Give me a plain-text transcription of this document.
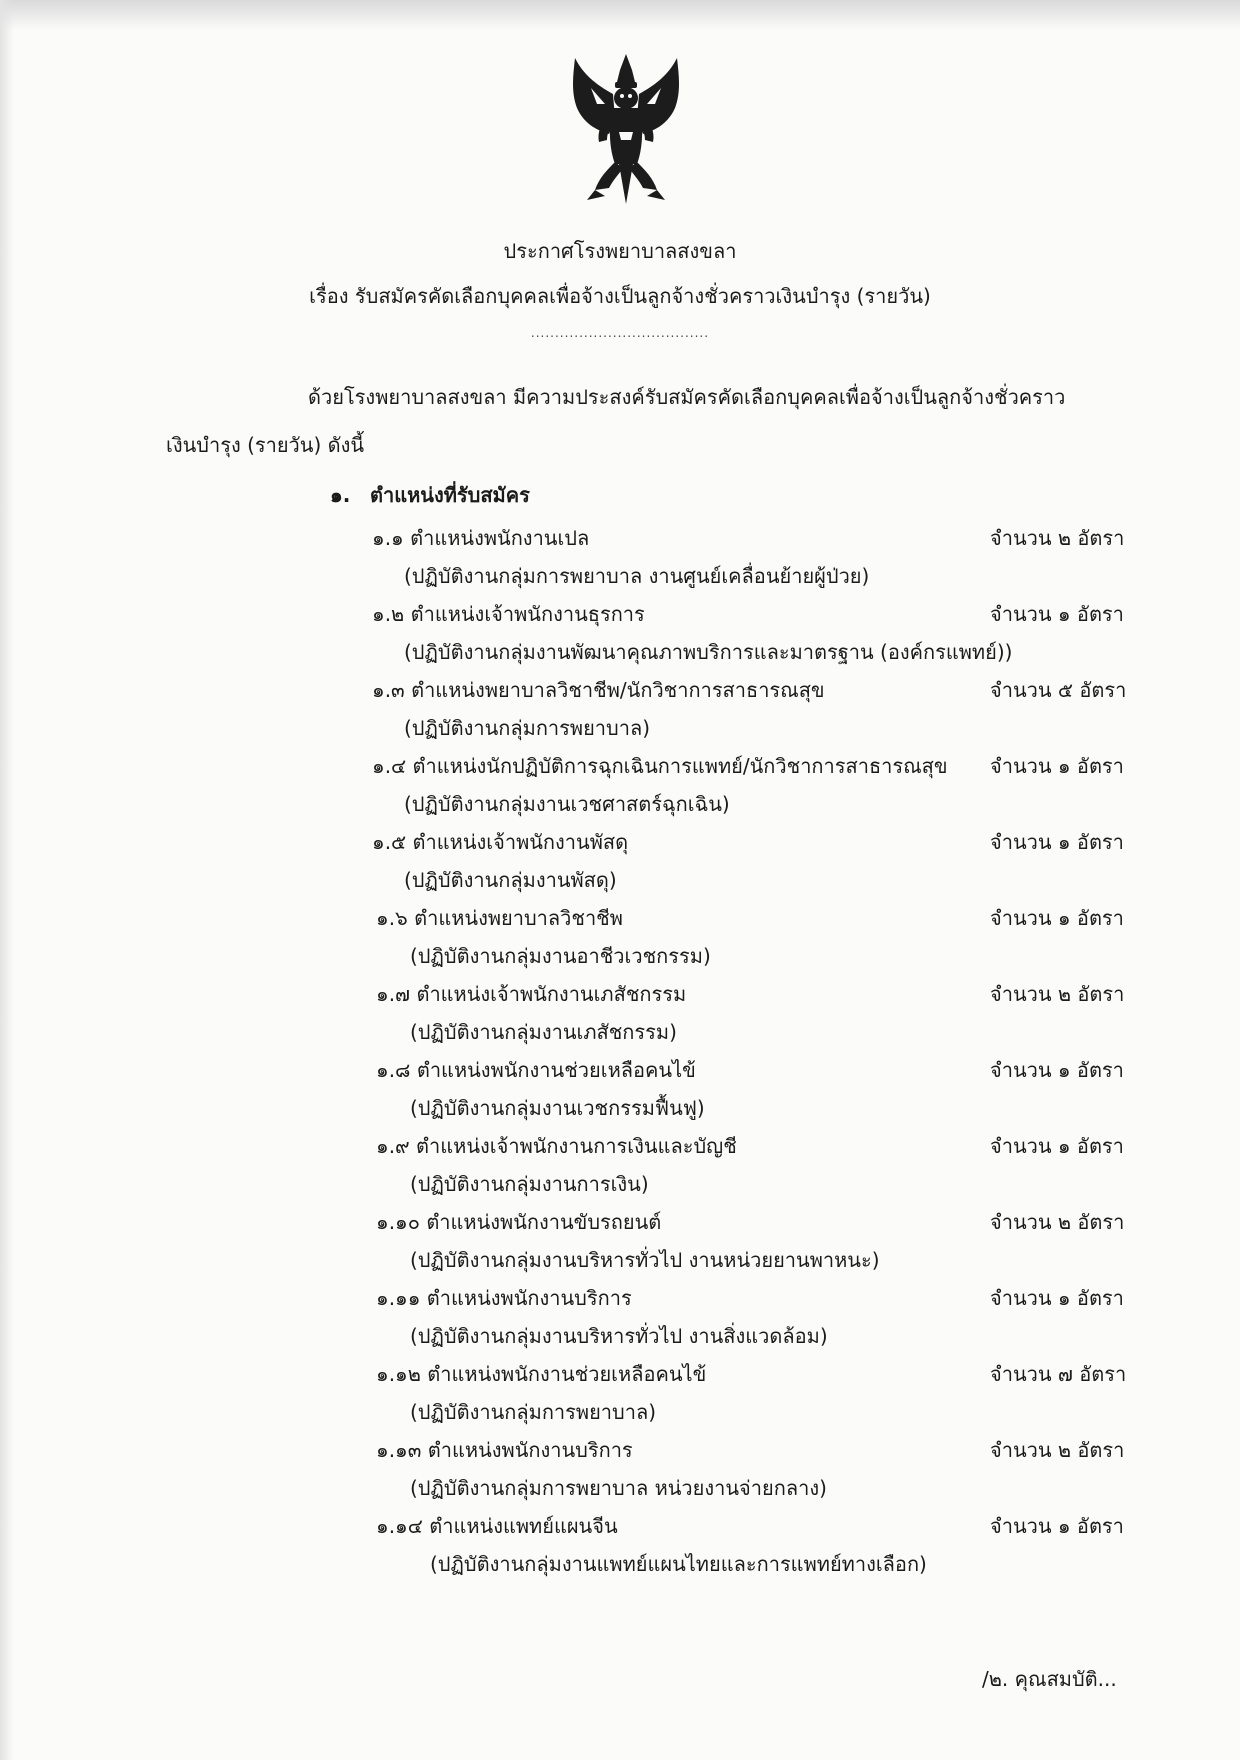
ประกาศโรงพยาบาลสงขลา
เรื่อง รับสมัครคัดเลือกบุคคลเพื่อจ้างเป็นลูกจ้างชั่วคราวเงินบำรุง (รายวัน)
.....................................
ด้วยโรงพยาบาลสงขลา มีความประสงค์รับสมัครคัดเลือกบุคคลเพื่อจ้างเป็นลูกจ้างชั่วคราว
เงินบำรุง (รายวัน) ดังนี้
๑. ตำแหน่งที่รับสมัคร
๑.๑ ตำแหน่งพนักงานเปล	จำนวน ๒ อัตรา
(ปฏิบัติงานกลุ่มการพยาบาล งานศูนย์เคลื่อนย้ายผู้ป่วย)
๑.๒ ตำแหน่งเจ้าพนักงานธุรการ	จำนวน ๑ อัตรา
(ปฏิบัติงานกลุ่มงานพัฒนาคุณภาพบริการและมาตรฐาน (องค์กรแพทย์))
๑.๓ ตำแหน่งพยาบาลวิชาชีพ/นักวิชาการสาธารณสุข	จำนวน ๕ อัตรา
(ปฏิบัติงานกลุ่มการพยาบาล)
๑.๔ ตำแหน่งนักปฏิบัติการฉุกเฉินการแพทย์/นักวิชาการสาธารณสุข จำนวน ๑ อัตรา
(ปฏิบัติงานกลุ่มงานเวชศาสตร์ฉุกเฉิน)
๑.๕ ตำแหน่งเจ้าพนักงานพัสดุ	จำนวน ๑ อัตรา
(ปฏิบัติงานกลุ่มงานพัสดุ)
๑.๖ ตำแหน่งพยาบาลวิชาชีพ	จำนวน ๑ อัตรา
(ปฏิบัติงานกลุ่มงานอาชีวเวชกรรม)
๑.๗ ตำแหน่งเจ้าพนักงานเภสัชกรรม	จำนวน ๒ อัตรา
(ปฏิบัติงานกลุ่มงานเภสัชกรรม)
๑.๘ ตำแหน่งพนักงานช่วยเหลือคนไข้	จำนวน ๑ อัตรา
(ปฏิบัติงานกลุ่มงานเวชกรรมฟื้นฟู)
๑.๙ ตำแหน่งเจ้าพนักงานการเงินและบัญชี	จำนวน ๑ อัตรา
(ปฏิบัติงานกลุ่มงานการเงิน)
๑.๑๐ ตำแหน่งพนักงานขับรถยนต์	จำนวน ๒ อัตรา
(ปฏิบัติงานกลุ่มงานบริหารทั่วไป งานหน่วยยานพาหนะ)
๑.๑๑ ตำแหน่งพนักงานบริการ	จำนวน ๑ อัตรา
(ปฏิบัติงานกลุ่มงานบริหารทั่วไป งานสิ่งแวดล้อม)
๑.๑๒ ตำแหน่งพนักงานช่วยเหลือคนไข้	จำนวน ๗ อัตรา
(ปฏิบัติงานกลุ่มการพยาบาล)
๑.๑๓ ตำแหน่งพนักงานบริการ	จำนวน ๒ อัตรา
(ปฏิบัติงานกลุ่มการพยาบาล หน่วยงานจ่ายกลาง)
๑.๑๔ ตำแหน่งแพทย์แผนจีน	จำนวน ๑ อัตรา
(ปฏิบัติงานกลุ่มงานแพทย์แผนไทยและการแพทย์ทางเลือก)
/๒. คุณสมบัติ...
